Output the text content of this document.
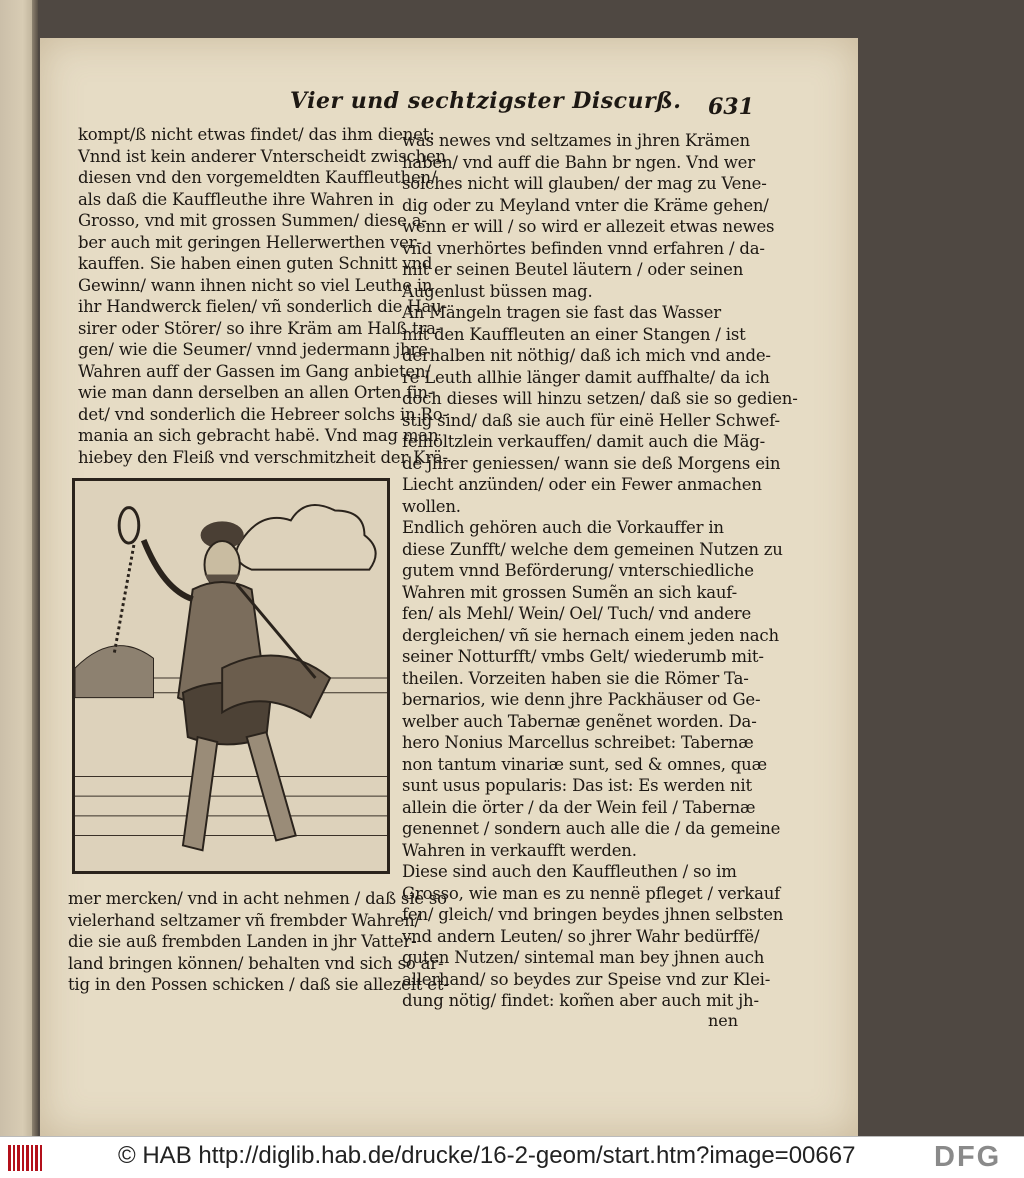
Vier und sechtzigster Discurß. 631
kompt/ß nicht etwas findet/ das ihm dienet:
Vnnd ist kein anderer Vnterscheidt zwischen
diesen vnd den vorgemeldten Kauffleuthen/
als daß die Kauffleuthe ihre Wahren in
Grosso, vnd mit grossen Summen/ diese a-
ber auch mit geringen Hellerwerthen ver-
kauffen. Sie haben einen guten Schnitt vnd
Gewinn/ wann ihnen nicht so viel Leuthe in
ihr Handwerck fielen/ vñ sonderlich die Hau-
sirer oder Störer/ so ihre Kräm am Halß tra-
gen/ wie die Seumer/ vnnd jedermann jhre
Wahren auff der Gassen im Gang anbieten/
wie man dann derselben an allen Orten fin-
det/ vnd sonderlich die Hebreer solchs in Ro-
mania an sich gebracht habë. Vnd mag man
hiebey den Fleiß vnd verschmitzheit der Krä-
mer mercken/ vnd in acht nehmen / daß sie so
vielerhand seltzamer vñ frembder Wahren/
die sie auß frembden Landen in jhr Vatter-
land bringen können/ behalten vnd sich so ar-
tig in den Possen schicken / daß sie allezeit et-
was newes vnd seltzames in jhren Krämen
haben/ vnd auff die Bahn br ngen. Vnd wer
solches nicht will glauben/ der mag zu Vene-
dig oder zu Meyland vnter die Kräme gehen/
wenn er will / so wird er allezeit etwas newes
vnd vnerhörtes befinden vnnd erfahren / da-
mit er seinen Beutel läutern / oder seinen
Augenlust büssen mag.
An Mängeln tragen sie fast das Wasser
mit den Kauffleuten an einer Stangen / ist
derhalben nit nöthig/ daß ich mich vnd ande-
re Leuth allhie länger damit auffhalte/ da ich
doch dieses will hinzu setzen/ daß sie so gedien-
stig sind/ daß sie auch für einë Heller Schwef-
felhöltzlein verkauffen/ damit auch die Mäg-
de jhrer geniessen/ wann sie deß Morgens ein
Liecht anzünden/ oder ein Fewer anmachen
wollen.
Endlich gehören auch die Vorkauffer in
diese Zunfft/ welche dem gemeinen Nutzen zu
gutem vnnd Beförderung/ vnterschiedliche
Wahren mit grossen Sumẽn an sich kauf-
fen/ als Mehl/ Wein/ Oel/ Tuch/ vnd andere
dergleichen/ vñ sie hernach einem jeden nach
seiner Notturfft/ vmbs Gelt/ wiederumb mit-
theilen. Vorzeiten haben sie die Römer Ta-
bernarios, wie denn jhre Packhäuser od Ge-
welber auch Tabernæ genẽnet worden. Da-
hero Nonius Marcellus schreibet: Tabernæ
non tantum vinariæ sunt, sed & omnes, quæ
sunt usus popularis: Das ist: Es werden nit
allein die örter / da der Wein feil / Tabernæ
genennet / sondern auch alle die / da gemeine
Wahren in verkaufft werden.
Diese sind auch den Kauffleuthen / so im
Grosso, wie man es zu nennë pfleget / verkauf
fen/ gleich/ vnd bringen beydes jhnen selbsten
vnd andern Leuten/ so jhrer Wahr bedürffë/
guten Nutzen/ sintemal man bey jhnen auch
allerhand/ so beydes zur Speise vnd zur Klei-
dung nötig/ findet: kom̃en aber auch mit jh-
nen
© HAB http://diglib.hab.de/drucke/16-2-geom/start.htm?image=00667	DFG
